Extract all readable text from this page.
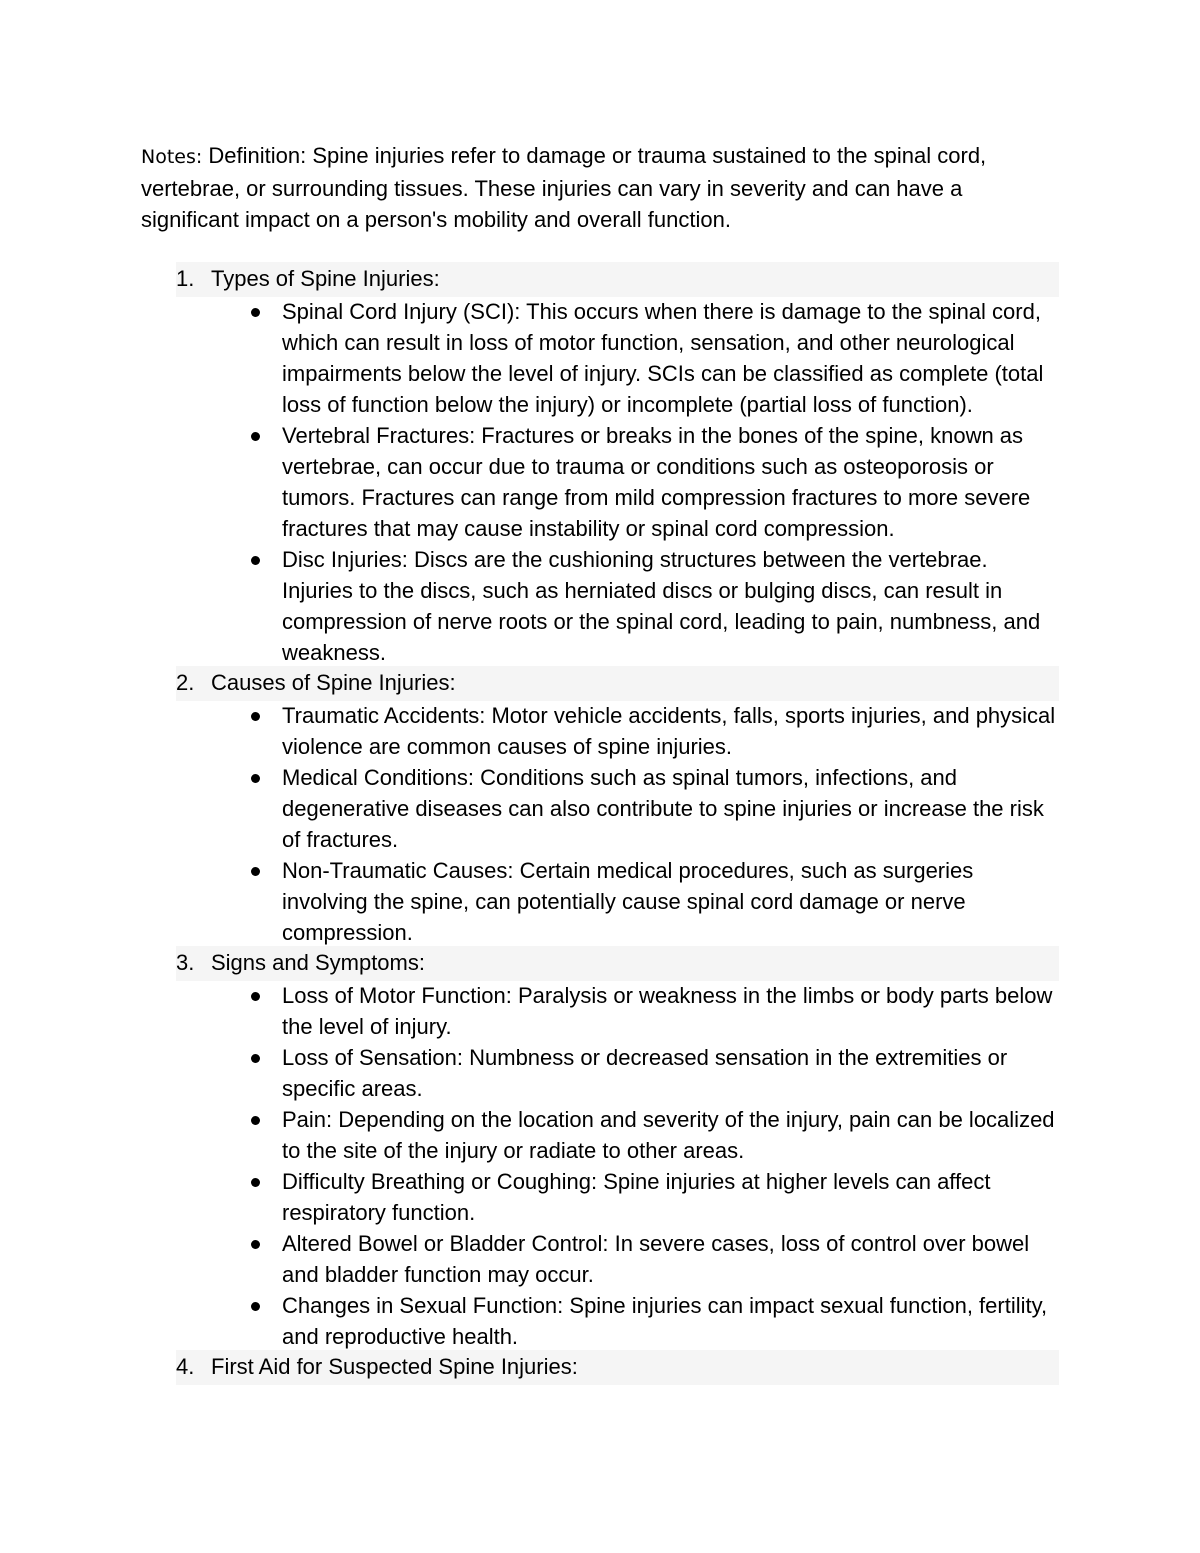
Notes: Definition: Spine injuries refer to damage or trauma sustained to the spinal cord, vertebrae, or surrounding tissues. These injuries can vary in severity and can have a significant impact on a person's mobility and overall function.

1. Types of Spine Injuries:
Spinal Cord Injury (SCI): This occurs when there is damage to the spinal cord, which can result in loss of motor function, sensation, and other neurological impairments below the level of injury. SCIs can be classified as complete (total loss of function below the injury) or incomplete (partial loss of function).
Vertebral Fractures: Fractures or breaks in the bones of the spine, known as vertebrae, can occur due to trauma or conditions such as osteoporosis or tumors. Fractures can range from mild compression fractures to more severe fractures that may cause instability or spinal cord compression.
Disc Injuries: Discs are the cushioning structures between the vertebrae. Injuries to the discs, such as herniated discs or bulging discs, can result in compression of nerve roots or the spinal cord, leading to pain, numbness, and weakness.
2. Causes of Spine Injuries:
Traumatic Accidents: Motor vehicle accidents, falls, sports injuries, and physical violence are common causes of spine injuries.
Medical Conditions: Conditions such as spinal tumors, infections, and degenerative diseases can also contribute to spine injuries or increase the risk of fractures.
Non-Traumatic Causes: Certain medical procedures, such as surgeries involving the spine, can potentially cause spinal cord damage or nerve compression.
3. Signs and Symptoms:
Loss of Motor Function: Paralysis or weakness in the limbs or body parts below the level of injury.
Loss of Sensation: Numbness or decreased sensation in the extremities or specific areas.
Pain: Depending on the location and severity of the injury, pain can be localized to the site of the injury or radiate to other areas.
Difficulty Breathing or Coughing: Spine injuries at higher levels can affect respiratory function.
Altered Bowel or Bladder Control: In severe cases, loss of control over bowel and bladder function may occur.
Changes in Sexual Function: Spine injuries can impact sexual function, fertility, and reproductive health.
4. First Aid for Suspected Spine Injuries:
